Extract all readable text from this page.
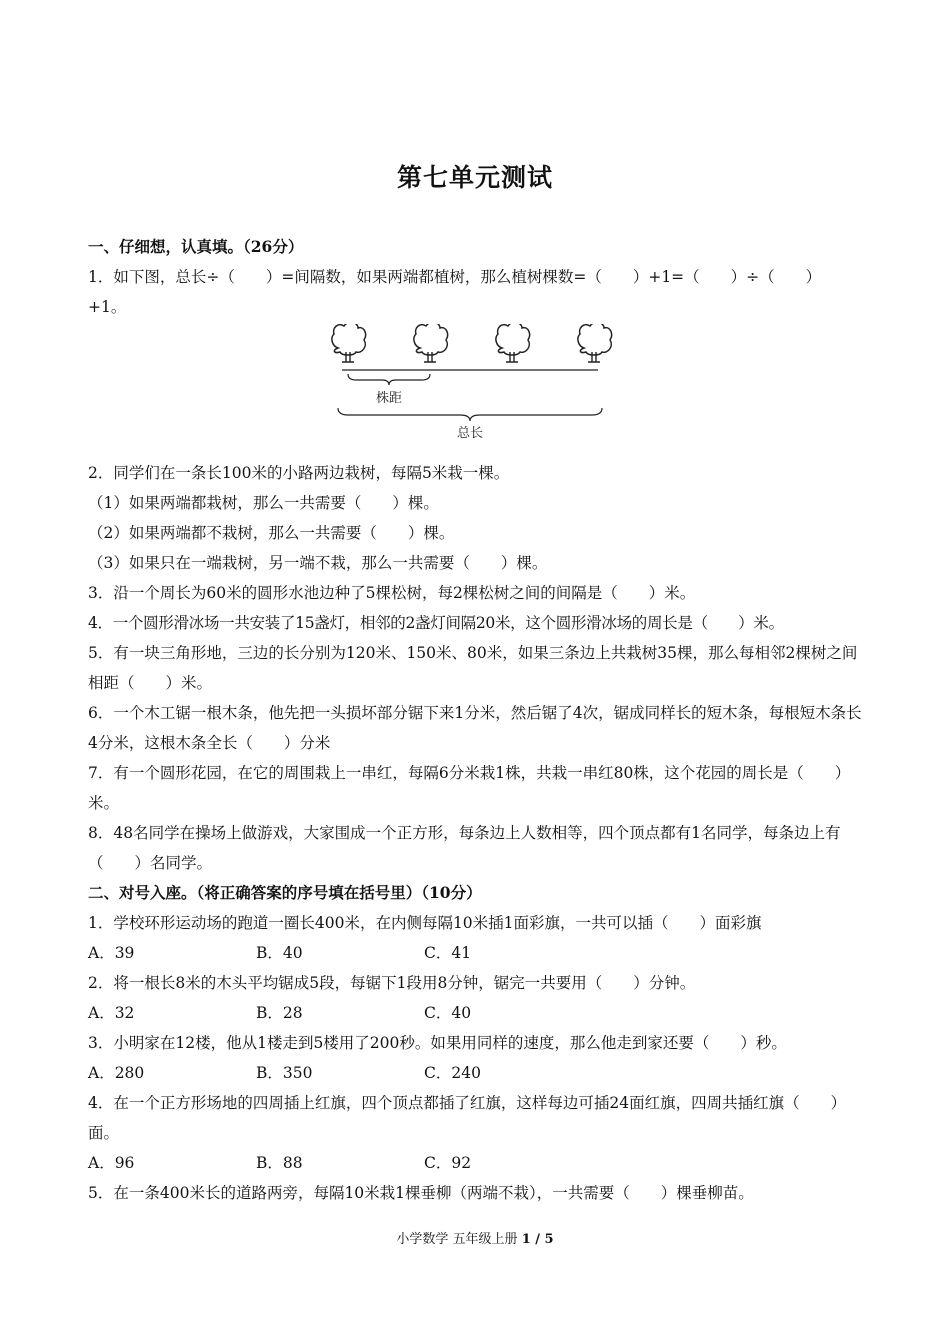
第七单元测试
一、仔细想，认真填。（26分）
1．如下图，总长÷（　　）=间隔数，如果两端都植树，那么植树棵数=（　　）+1=（　　）÷（　　）
+1。
株距
总长
2．同学们在一条长100米的小路两边栽树，每隔5米栽一棵。
（1）如果两端都栽树，那么一共需要（　　）棵。
（2）如果两端都不栽树，那么一共需要（　　）棵。
（3）如果只在一端栽树，另一端不栽，那么一共需要（　　）棵。
3．沿一个周长为60米的圆形水池边种了5棵松树，每2棵松树之间的间隔是（　　）米。
4．一个圆形滑冰场一共安装了15盏灯，相邻的2盏灯间隔20米，这个圆形滑冰场的周长是（　　）米。
5．有一块三角形地，三边的长分别为120米、150米、80米，如果三条边上共栽树35棵，那么每相邻2棵树之间相距（　　）米。
6．一个木工锯一根木条，他先把一头损坏部分锯下来1分米，然后锯了4次，锯成同样长的短木条，每根短木条长4分米，这根木条全长（　　）分米
7．有一个圆形花园，在它的周围栽上一串红，每隔6分米栽1株，共栽一串红80株，这个花园的周长是（　　）米。
8．48名同学在操场上做游戏，大家围成一个正方形，每条边上人数相等，四个顶点都有1名同学，每条边上有（　　）名同学。
二、对号入座。（将正确答案的序号填在括号里）（10分）
1．学校环形运动场的跑道一圈长400米，在内侧每隔10米插1面彩旗，一共可以插（　　）面彩旗
A．39	B．40	C．41
2．将一根长8米的木头平均锯成5段，每锯下1段用8分钟，锯完一共要用（　　）分钟。
A．32	B．28	C．40
3．小明家在12楼，他从1楼走到5楼用了200秒。如果用同样的速度，那么他走到家还要（　　）秒。
A．280	B．350	C．240
4．在一个正方形场地的四周插上红旗，四个顶点都插了红旗，这样每边可插24面红旗，四周共插红旗（　　）面。
A．96	B．88	C．92
5．在一条400米长的道路两旁，每隔10米栽1棵垂柳（两端不栽），一共需要（　　）棵垂柳苗。
小学数学 五年级上册 1 / 5
